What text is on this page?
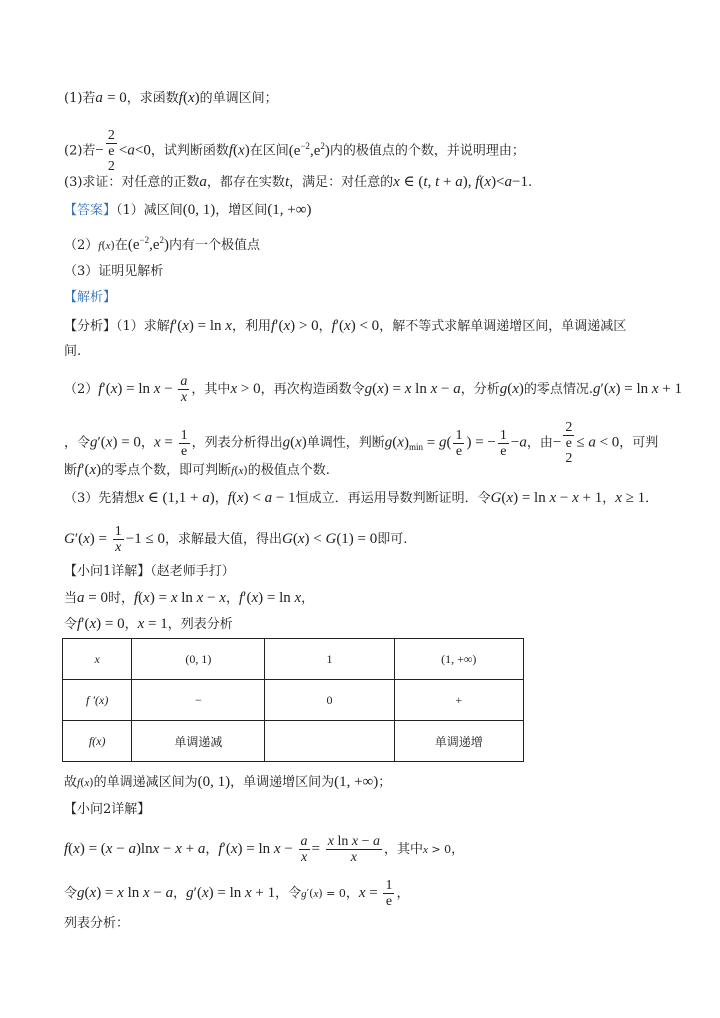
(1)若a = 0，求函数f(x)的单调区间；
(2)若− 2
e
2 <a<0，试判断函数f(x)在区间$(e^{-2},e^2)$内的极值点的个数，并说明理由；
(3)求证：对任意的正数a，都存在实数t，满足：对任意的x ∈ (t, t + a), f(x)<a−1.
【答案】（1）减区间(0, 1)，增区间(1, +∞)
（2）f(x)在$(e^{-2},e^2)$内有一个极值点
（3）证明见解析
【解析】
【分析】（1）求解f′(x) = ln x，利用f′(x) > 0，f′(x) < 0，解不等式求解单调递增区间，单调递减区
间.
$(2)f'(x) = \ln x - \frac{a}{x}$ ，其中x > 0，再次构造函数令g(x) = x ln x − a，分析g(x)的零点情况.g′(x) = ln x + 1
，令g′(x) = 0，$x = \frac{1}{e}$ ，列表分析得出g(x)单调性，判断$g(x)_{min} = g( \frac{1}{e}$ ) = − $\frac{1}{e} -a$，由− 2
e
2 ≤ a < 0，可判
断f′(x)的零点个数，即可判断f(x)的极值点个数.
（3）先猜想x ∈ (1,1 + a)，f(x) < a − 1恒成立．再运用导数判断证明．令G(x) = ln x − x + 1，x ≥ 1．
$G'(x) = \frac{1}{x} -1 \le 0$，求解最大值，得出G(x) < G(1) = 0即可.
【小问1详解】（赵老师手打）
当a = 0时，f(x) = x ln x − x，f′(x) = ln x，
令f′(x) = 0，x = 1，列表分析
x	(0, 1)	1	(1, +∞)
f ′(x)	−	0	+
f(x)	单调递减		单调递增
故f(x)的单调递减区间为(0, 1)，单调递增区间为(1, +∞)；
【小问2详解】
f(x) = (x − a)lnx − x + a，$f'(x) = \ln x - \frac{a}{x} = \frac{\text{x ln x − a}}{x}$ ，其中x > 0，
令g(x) = x ln x − a，g′(x) = ln x + 1，令g′(x) = 0，$x = \frac{1}{e}$ ，
列表分析：
